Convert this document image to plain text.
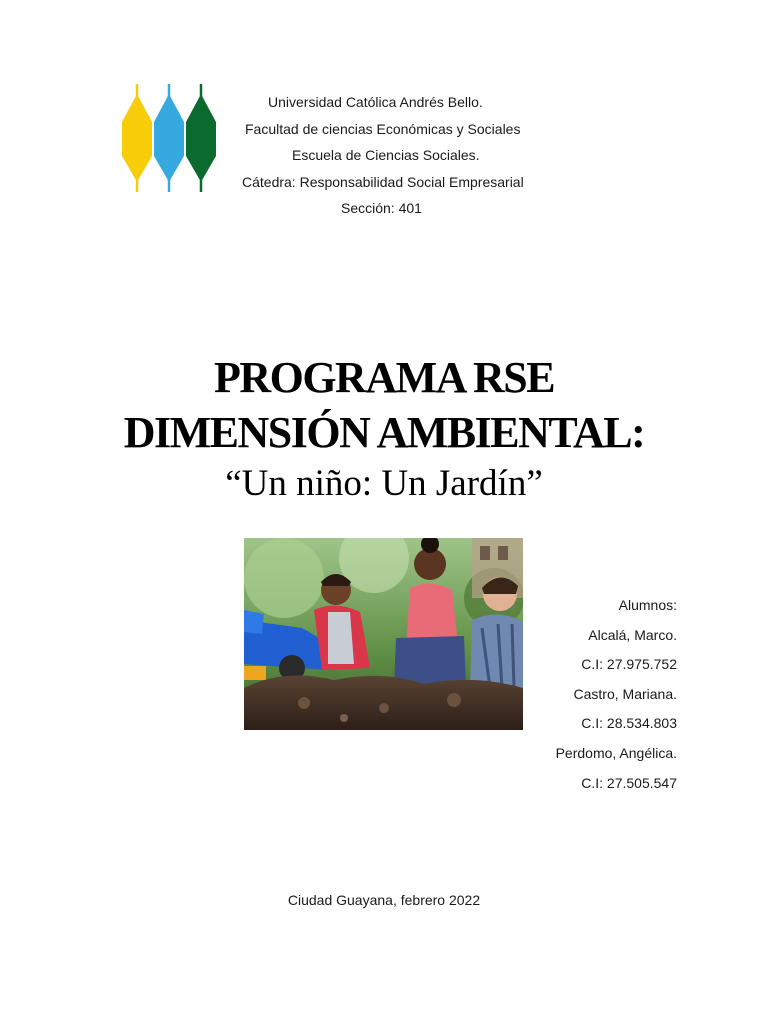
Universidad Católica Andrés Bello.
Facultad de ciencias Económicas y Sociales
Escuela de Ciencias Sociales.
Cátedra: Responsabilidad Social Empresarial
Sección: 401
PROGRAMA RSE
DIMENSIÓN AMBIENTAL:
“Un niño: Un Jardín”
Alumnos:
Alcalá, Marco.
C.I: 27.975.752
Castro, Mariana.
C.I: 28.534.803
Perdomo, Angélica.
C.I: 27.505.547
Ciudad Guayana, febrero 2022
